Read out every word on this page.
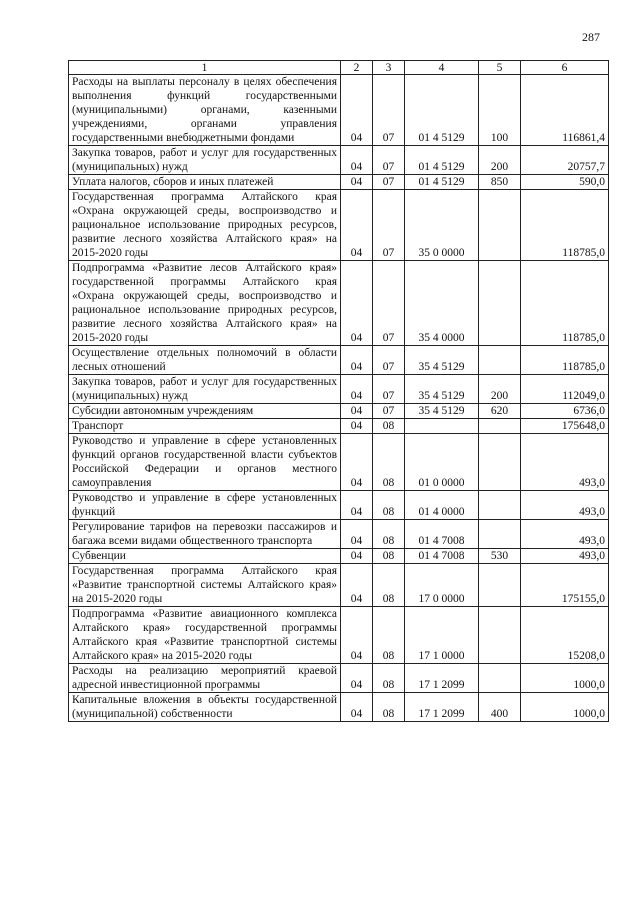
287
1	2	3	4	5	6
Расходы на выплаты персоналу в целях обеспечения выполнения функций государственными (муниципальными) органами, казенными учреждениями, органами управления государственными внебюджетными фондами	04	07	01 4 5129	100	116861,4
Закупка товаров, работ и услуг для государственных (муниципальных) нужд	04	07	01 4 5129	200	20757,7
Уплата налогов, сборов и иных платежей	04	07	01 4 5129	850	590,0
Государственная программа Алтайского края «Охрана окружающей среды, воспроизводство и рациональное использование природных ресурсов, развитие лесного хозяйства Алтайского края» на 2015-2020 годы	04	07	35 0 0000		118785,0
Подпрограмма «Развитие лесов Алтайского края» государственной программы Алтайского края «Охрана окружающей среды, воспроизводство и рациональное использование природных ресурсов, развитие лесного хозяйства Алтайского края» на 2015-2020 годы	04	07	35 4 0000		118785,0
Осуществление отдельных полномочий в области лесных отношений	04	07	35 4 5129		118785,0
Закупка товаров, работ и услуг для государственных (муниципальных) нужд	04	07	35 4 5129	200	112049,0
Субсидии автономным учреждениям	04	07	35 4 5129	620	6736,0
Транспорт	04	08			175648,0
Руководство и управление в сфере установленных функций органов государственной власти субъектов Российской Федерации и органов местного самоуправления	04	08	01 0 0000		493,0
Руководство и управление в сфере установленных функций	04	08	01 4 0000		493,0
Регулирование тарифов на перевозки пассажиров и багажа всеми видами общественного транспорта	04	08	01 4 7008		493,0
Субвенции	04	08	01 4 7008	530	493,0
Государственная программа Алтайского края «Развитие транспортной системы Алтайского края» на 2015-2020 годы	04	08	17 0 0000		175155,0
Подпрограмма «Развитие авиационного комплекса Алтайского края» государственной программы Алтайского края «Развитие транспортной системы Алтайского края» на 2015-2020 годы	04	08	17 1 0000		15208,0
Расходы на реализацию мероприятий краевой адресной инвестиционной программы	04	08	17 1 2099		1000,0
Капитальные вложения в объекты государственной (муниципальной) собственности	04	08	17 1 2099	400	1000,0
